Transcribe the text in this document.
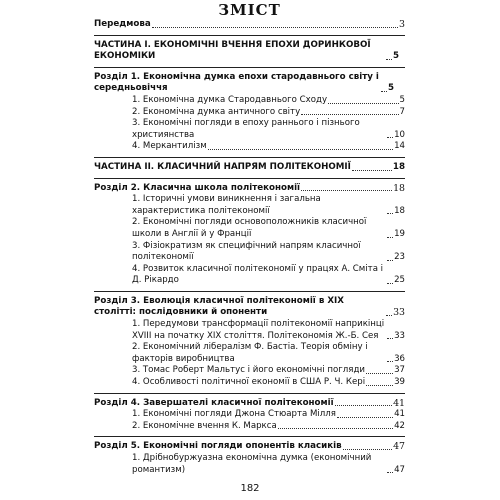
ЗМІСТ
Передмова	3
ЧАСТИНА І. ЕКОНОМІЧНІ ВЧЕННЯ ЕПОХИ ДОРИНКОВОЇ ЕКОНОМІКИ	5
Розділ 1. Економічна думка епохи стародавнього світу і середньовіччя	5
1. Економічна думка Стародавнього Сходу	5
2. Економічна думка античного світу	7
3. Економічні погляди в епоху раннього і пізнього християнства	10
4. Меркантилізм	14
ЧАСТИНА ІІ. КЛАСИЧНИЙ НАПРЯМ ПОЛІТЕКОНОМІЇ	18
Розділ 2. Класична школа політекономії	18
1. Історичні умови виникнення і загальна характеристика політекономії	18
2. Економічні погляди основоположників класичної школи в Англії й у Франції	19
3. Фізіократизм як специфічний напрям класичної політекономії	23
4. Розвиток класичної політекономії у працях А. Сміта і Д. Рікардо	25
Розділ 3. Еволюція класичної політекономії в ХІХ столітті: послідовники й опоненти	33
1. Передумови трансформації політекономії наприкінці XVIII на початку XIX століття. Політекономія Ж.-Б. Сея	33
2. Економічний лібералізм Ф. Бастіа. Теорія обміну і факторів виробництва	36
3. Томас Роберт Мальтус і його економічні погляди	37
4. Особливості політичної економії в США Р. Ч. Кері	39
Розділ 4. Завершателі класичної політекономії	41
1. Економічні погляди Джона Стюарта Мілля	41
2. Економічне вчення К. Маркса	42
Розділ 5. Економічні погляди опонентів класиків	47
1. Дрібнобуржуазна економічна думка (економічний романтизм)	47
182
